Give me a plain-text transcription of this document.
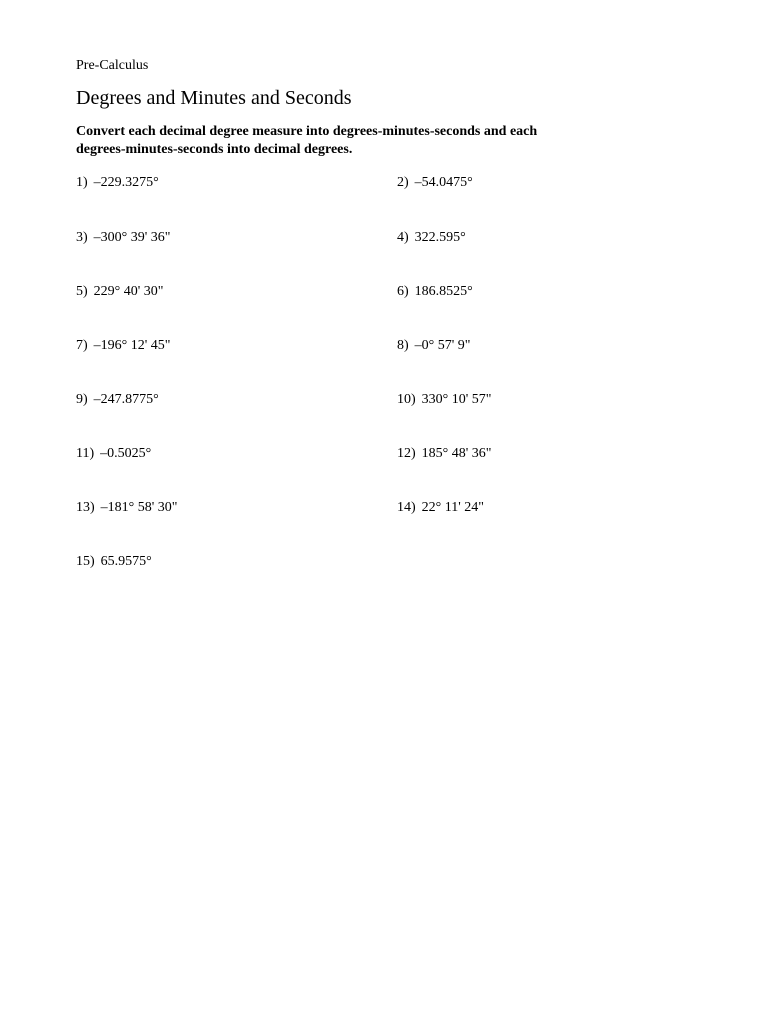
Pre-Calculus
Degrees and Minutes and Seconds
Convert each decimal degree measure into degrees-minutes-seconds and each
degrees-minutes-seconds into decimal degrees.
1) –229.3275°	2) –54.0475°
3) –300° 39' 36"	4) 322.595°
5) 229° 40' 30"	6) 186.8525°
7) –196° 12' 45"	8) –0° 57' 9"
9) –247.8775°	10) 330° 10' 57"
11) –0.5025°	12) 185° 48' 36"
13) –181° 58' 30"	14) 22° 11' 24"
15) 65.9575°
